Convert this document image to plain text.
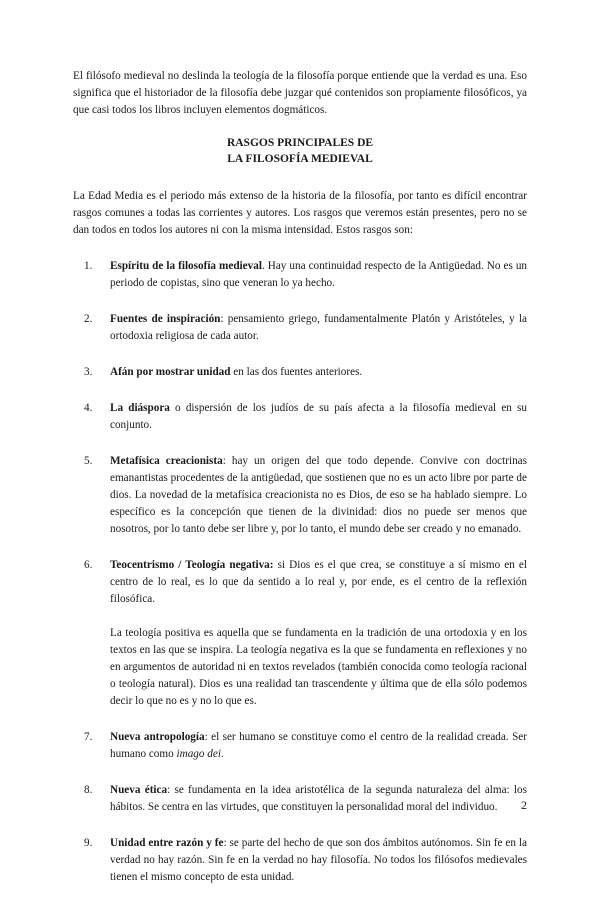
El filósofo medieval no deslinda la teología de la filosofía porque entiende que la verdad es una. Eso significa que el historiador de la filosofía debe juzgar qué contenidos son propiamente filosóficos, ya que casi todos los libros incluyen elementos dogmáticos.

RASGOS PRINCIPALES DE
LA FILOSOFÍA MEDIEVAL

La Edad Media es el periodo más extenso de la historia de la filosofía, por tanto es difícil encontrar rasgos comunes a todas las corrientes y autores. Los rasgos que veremos están presentes, pero no se dan todos en todos los autores ni con la misma intensidad. Estos rasgos son:

1.	Espíritu de la filosofía medieval. Hay una continuidad respecto de la Antigüedad. No es un periodo de copistas, sino que veneran lo ya hecho.

2.	Fuentes de inspiración: pensamiento griego, fundamentalmente Platón y Aristóteles, y la ortodoxia religiosa de cada autor.

3.	Afán por mostrar unidad en las dos fuentes anteriores.

4.	La diáspora o dispersión de los judíos de su país afecta a la filosofía medieval en su conjunto.

5.	Metafísica creacionista: hay un origen del que todo depende. Convive con doctrinas emanantistas procedentes de la antigüedad, que sostienen que no es un acto libre por parte de dios. La novedad de la metafísica creacionista no es Dios, de eso se ha hablado siempre. Lo específico es la concepción que tienen de la divinidad: dios no puede ser menos que nosotros, por lo tanto debe ser libre y, por lo tanto, el mundo debe ser creado y no emanado.

6.	Teocentrismo / Teología negativa: si Dios es el que crea, se constituye a sí mismo en el centro de lo real, es lo que da sentido a lo real y, por ende, es el centro de la reflexión filosófica.

La teología positiva es aquella que se fundamenta en la tradición de una ortodoxia y en los textos en las que se inspira. La teología negativa es la que se fundamenta en reflexiones y no en argumentos de autoridad ni en textos revelados (también conocida como teología racional o teología natural). Dios es una realidad tan trascendente y última que de ella sólo podemos decir lo que no es y no lo que es.

7.	Nueva antropología: el ser humano se constituye como el centro de la realidad creada. Ser humano como imago dei.

8.	Nueva ética: se fundamenta en la idea aristotélica de la segunda naturaleza del alma: los hábitos. Se centra en las virtudes, que constituyen la personalidad moral del individuo.

9.	Unidad entre razón y fe: se parte del hecho de que son dos ámbitos autónomos. Sin fe en la verdad no hay razón. Sin fe en la verdad no hay filosofía. No todos los filósofos medievales tienen el mismo concepto de esta unidad.

2
